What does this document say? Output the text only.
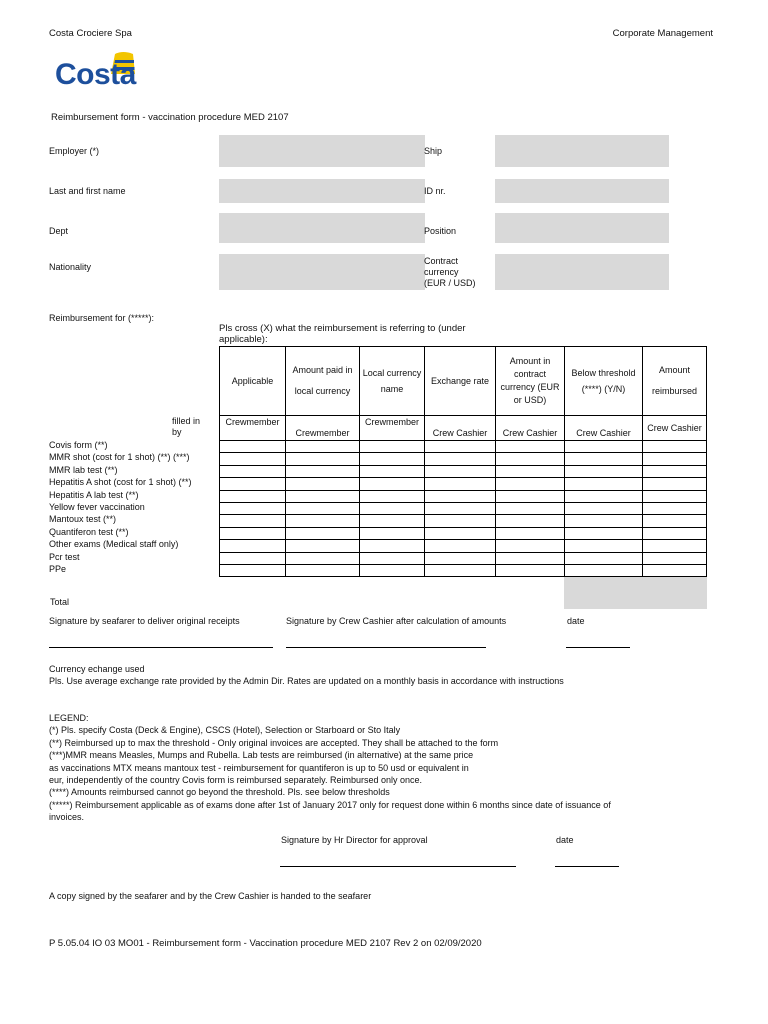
Costa Crociere Spa	Corporate Management
Costa
Reimbursement form - vaccination procedure MED 2107
Employer (*)	Ship
Last and first name	ID nr.
Dept	Position
Nationality
Contract
currency
(EUR / USD)
Reimbursement for (*****):
Pls cross (X) what the reimbursement is referring to (under
applicable):
Applicable	Amount paid in local currency	Local currency name	Exchange rate	Amount in contract currency (EUR or USD)	Below threshold (****) (Y/N)	Amount reimbursed
Crewmember	Crewmember	Crewmember	Crew Cashier	Crew Cashier	Crew Cashier	Crew Cashier

filled in
by
Covis form (**)
MMR shot (cost for 1 shot) (**) (***)
MMR lab test (**)
Hepatitis A shot (cost for 1 shot) (**)
Hepatitis A lab test (**)
Yellow fever vaccination
Mantoux test (**)
Quantiferon test (**)
Other exams (Medical staff only)
Pcr test
PPe
Total
Signature by seafarer to deliver original receipts	Signature by Crew Cashier after calculation of amounts	date
Currency echange used
Pls. Use average exchange rate provided by the Admin Dir. Rates are updated on a monthly basis in accordance with instructions
LEGEND:
(*) Pls. specify Costa (Deck & Engine), CSCS (Hotel), Selection or Starboard or Sto Italy
(**) Reimbursed up to max the threshold - Only original invoices are accepted. They shall be attached to the form
(***)MMR means Measles, Mumps and Rubella. Lab tests are reimbursed (in alternative) at the same price
as vaccinations MTX means mantoux test - reimbursement for quantiferon is up to 50 usd or equivalent in
eur, independently of the country Covis form is reimbursed separately. Reimbursed only once.
(****) Amounts reimbursed cannot go beyond the threshold. Pls. see below thresholds
(*****) Reimbursement applicable as of exams done after 1st of January 2017 only for request done within 6 months since date of issuance of
invoices.
Signature by Hr Director for approval	date
A copy signed by the seafarer and by the Crew Cashier is handed to the seafarer
P 5.05.04 IO 03 MO01 - Reimbursement form - Vaccination procedure MED 2107 Rev 2 on 02/09/2020
